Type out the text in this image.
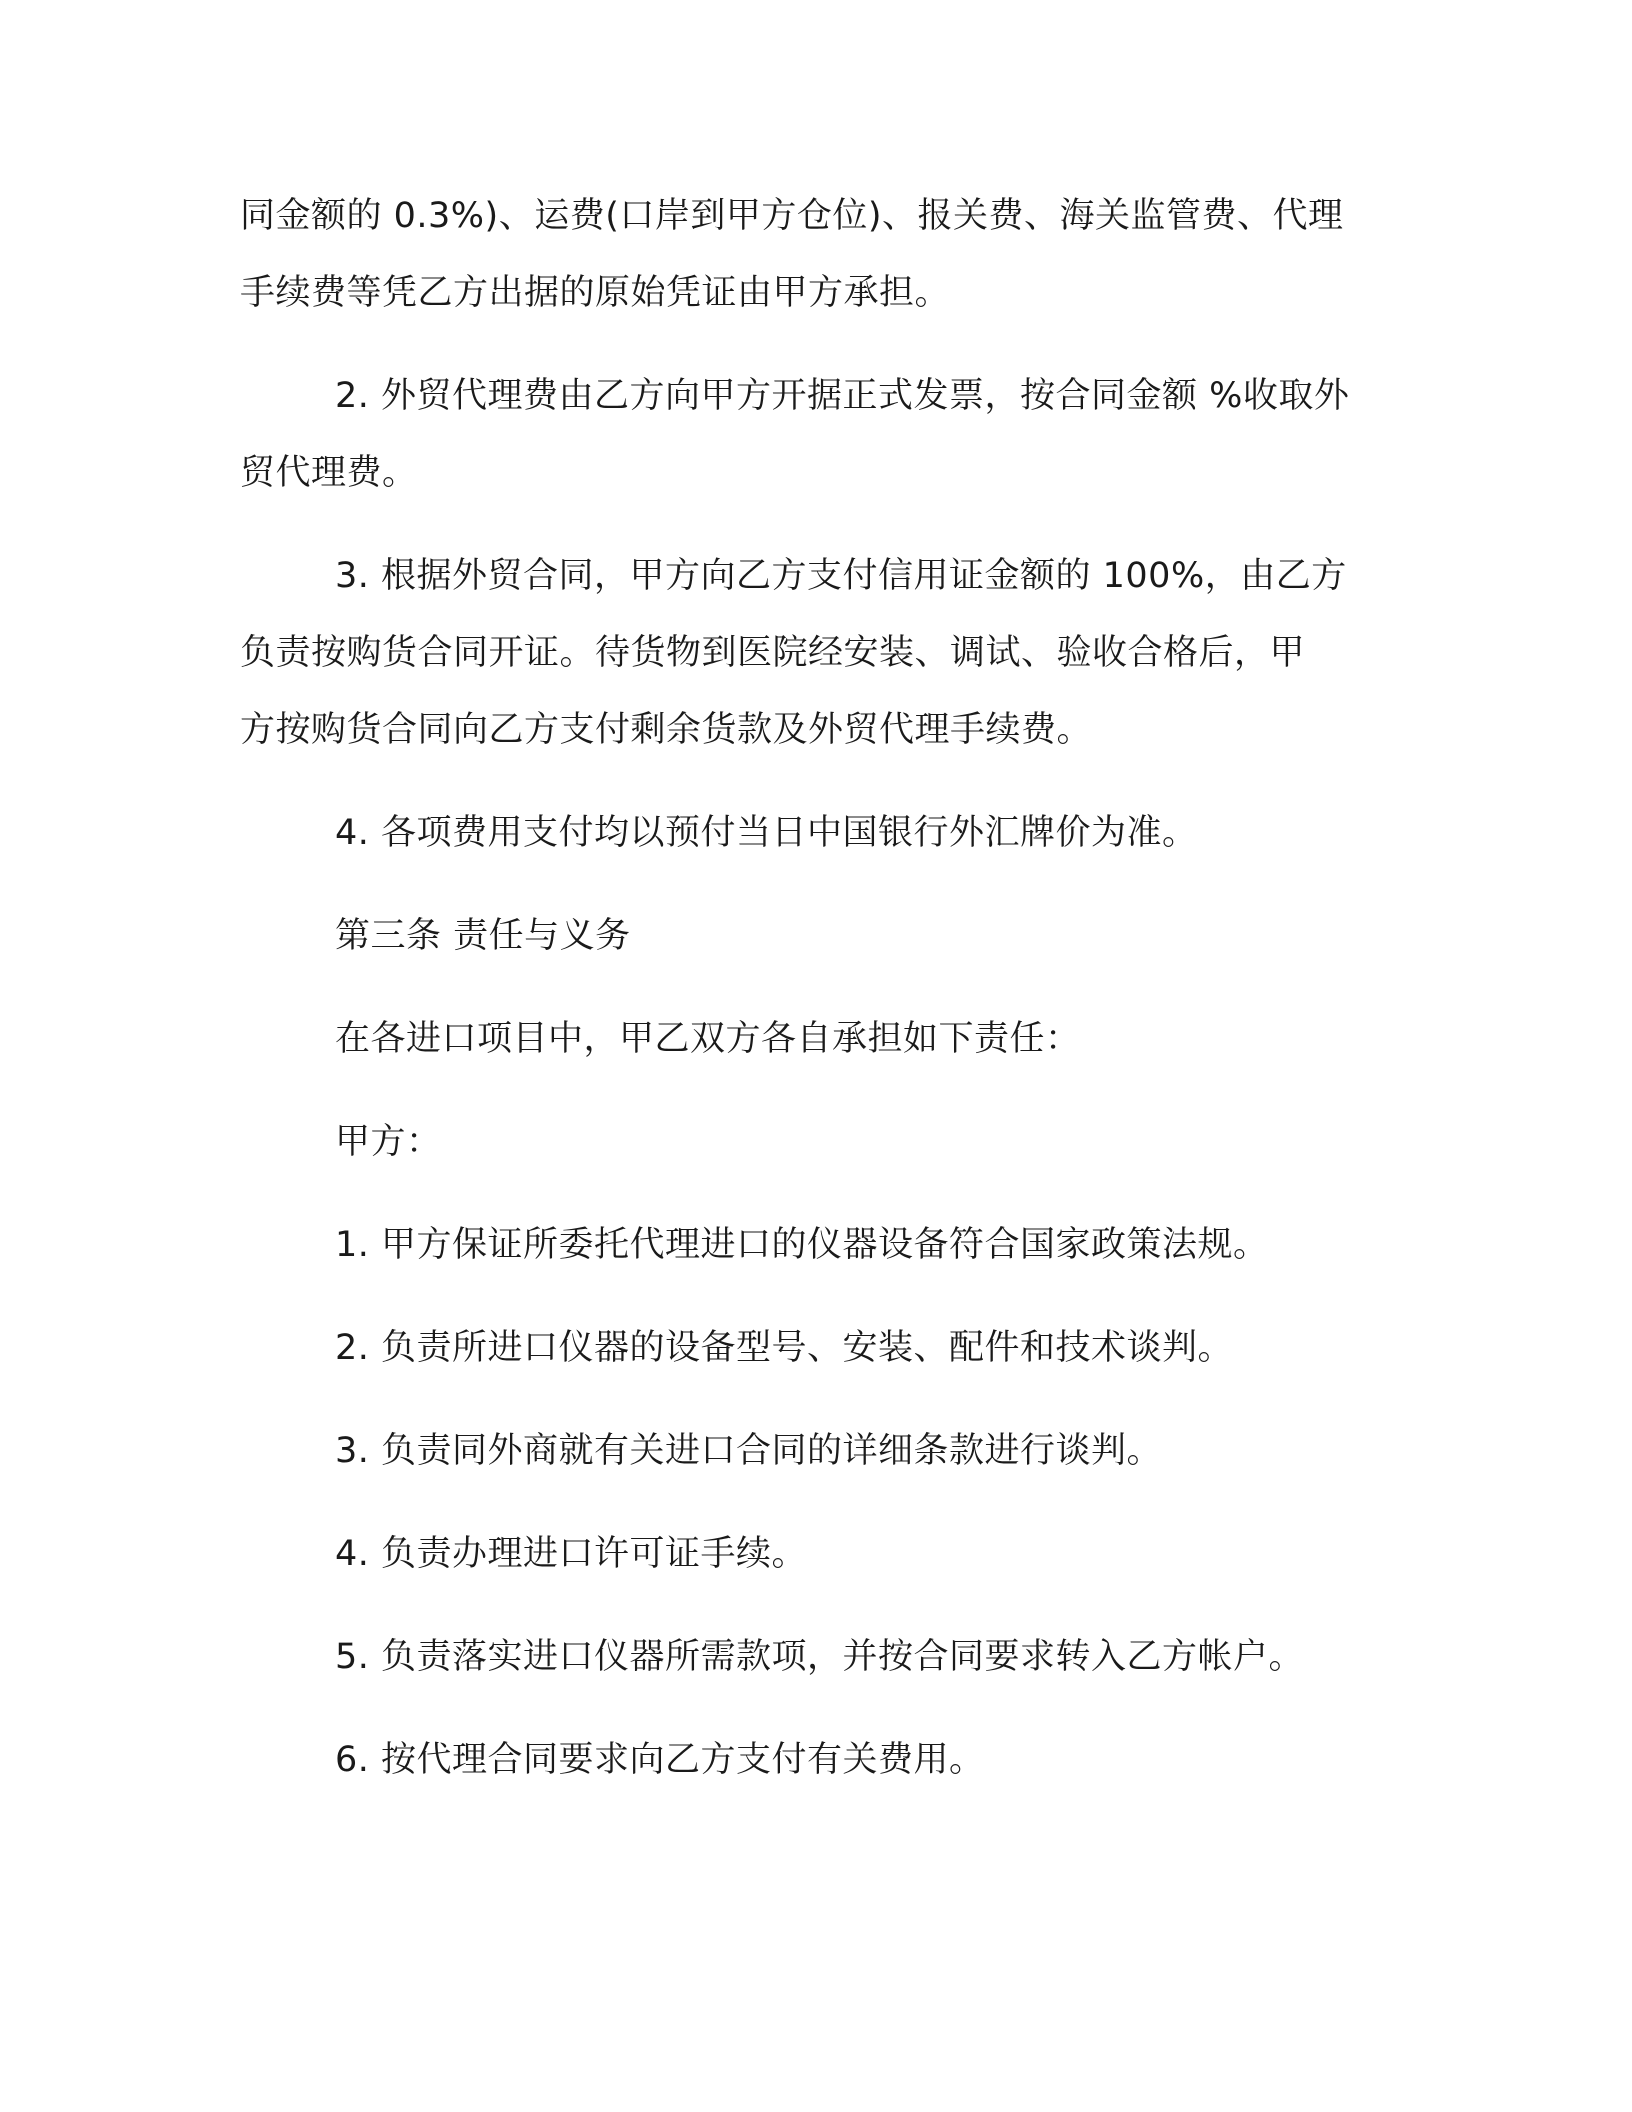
同金额的 0.3%)、运费(口岸到甲方仓位)、报关费、海关监管费、代理

手续费等凭乙方出据的原始凭证由甲方承担。

2. 外贸代理费由乙方向甲方开据正式发票，按合同金额 %收取外

贸代理费。

3. 根据外贸合同，甲方向乙方支付信用证金额的 100%，由乙方

负责按购货合同开证。待货物到医院经安装、调试、验收合格后，甲

方按购货合同向乙方支付剩余货款及外贸代理手续费。

4. 各项费用支付均以预付当日中国银行外汇牌价为准。

第三条 责任与义务

在各进口项目中，甲乙双方各自承担如下责任：

甲方：

1. 甲方保证所委托代理进口的仪器设备符合国家政策法规。

2. 负责所进口仪器的设备型号、安装、配件和技术谈判。

3. 负责同外商就有关进口合同的详细条款进行谈判。

4. 负责办理进口许可证手续。

5. 负责落实进口仪器所需款项，并按合同要求转入乙方帐户。

6. 按代理合同要求向乙方支付有关费用。
